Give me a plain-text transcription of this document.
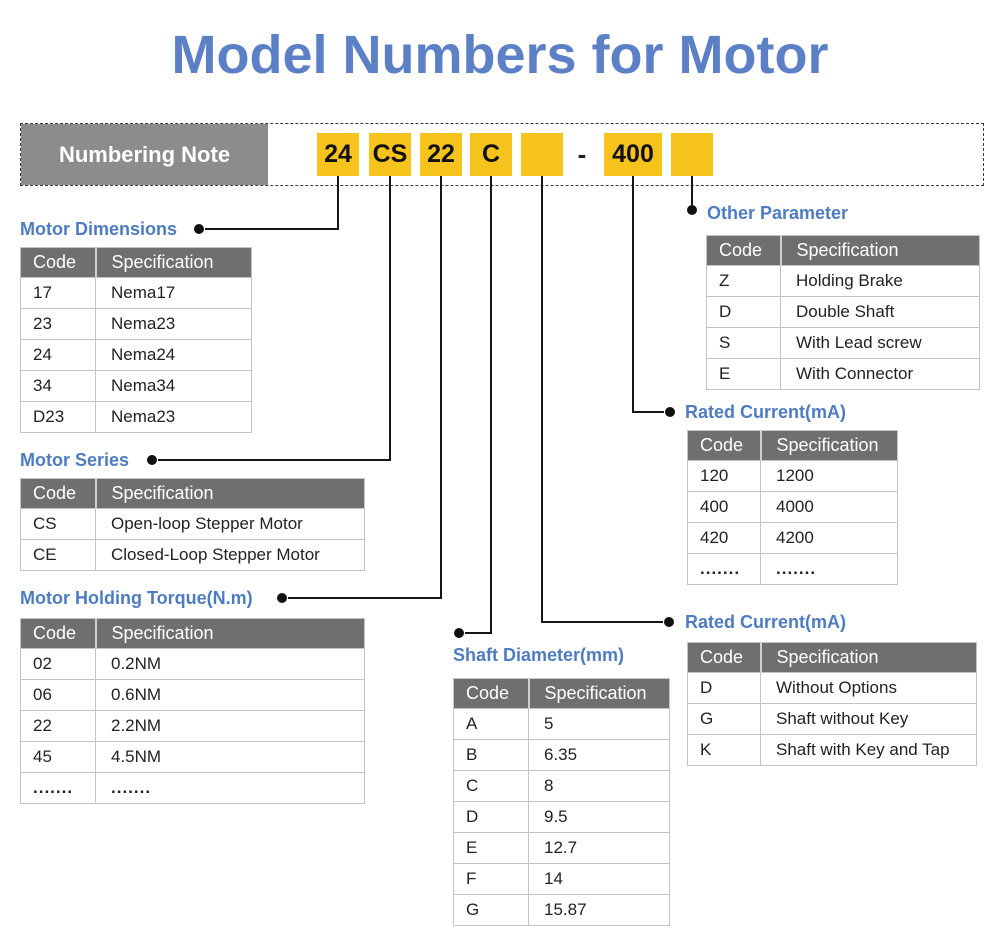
Model Numbers for Motor
Numbering Note	24 CS 22	C	-	400
Motor Dimensions
Motor Series
Motor Holding Torque(N.m)
Shaft Diameter(mm)
Other Parameter
Rated Current(mA)
Rated Current(mA)
Code	Specification
17	Nema17
23	Nema23
24	Nema24
34	Nema34
D23	Nema23
Code	Specification
CS	Open-loop Stepper Motor
CE	Closed-Loop Stepper Motor
Code	Specification
02	0.2NM
06	0.6NM
22	2.2NM
45	4.5NM
.......	.......
Code	Specification
A	5
B	6.35
C	8
D	9.5
E	12.7
F	14
G	15.87
Code	Specification
Z	Holding Brake
D	Double Shaft
S	With Lead screw
E	With Connector
Code	Specification
120	1200
400	4000
420	4200
.......	.......
Code	Specification
D	Without Options
G	Shaft without Key
K	Shaft with Key and Tap
